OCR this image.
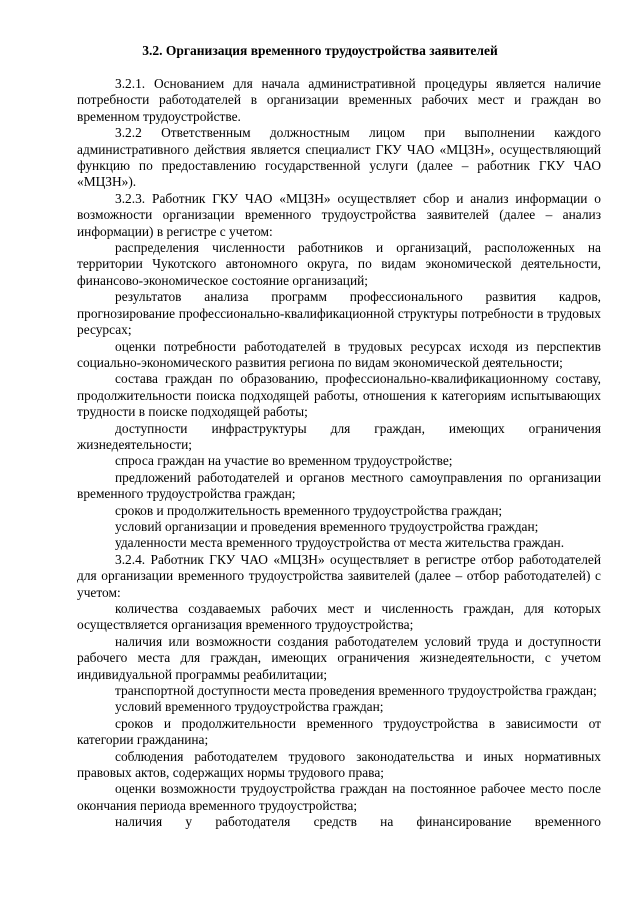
3.2. Организация временного трудоустройства заявителей

3.2.1. Основанием для начала административной процедуры является наличие потребности работодателей в организации временных рабочих мест и граждан во временном трудоустройстве.

3.2.2 Ответственным должностным лицом при выполнении каждого административного действия является специалист ГКУ ЧАО «МЦЗН», осуществляющий функцию по предоставлению государственной услуги (далее – работник ГКУ ЧАО «МЦЗН»).

3.2.3. Работник ГКУ ЧАО «МЦЗН» осуществляет сбор и анализ информации о возможности организации временного трудоустройства заявителей (далее – анализ информации) в регистре с учетом:

распределения численности работников и организаций, расположенных на территории Чукотского автономного округа, по видам экономической деятельности, финансово-экономическое состояние организаций;

результатов анализа программ профессионального развития кадров, прогнозирование профессионально-квалификационной структуры потребности в трудовых ресурсах;

оценки потребности работодателей в трудовых ресурсах исходя из перспектив социально-экономического развития региона по видам экономической деятельности;

состава граждан по образованию, профессионально-квалификационному составу, продолжительности поиска подходящей работы, отношения к категориям испытывающих трудности в поиске подходящей работы;

доступности инфраструктуры для граждан, имеющих ограничения жизнедеятельности;

спроса граждан на участие во временном трудоустройстве;

предложений работодателей и органов местного самоуправления по организации временного трудоустройства граждан;

сроков и продолжительность временного трудоустройства граждан;

условий организации и проведения временного трудоустройства граждан;

удаленности места временного трудоустройства от места жительства граждан.

3.2.4. Работник ГКУ ЧАО «МЦЗН» осуществляет в регистре отбор работодателей для организации временного трудоустройства заявителей (далее – отбор работодателей) с учетом:

количества создаваемых рабочих мест и численность граждан, для которых осуществляется организация временного трудоустройства;

наличия или возможности создания работодателем условий труда и доступности рабочего места для граждан, имеющих ограничения жизнедеятельности, с учетом индивидуальной программы реабилитации;

транспортной доступности места проведения временного трудоустройства граждан;

условий временного трудоустройства граждан;

сроков и продолжительности временного трудоустройства в зависимости от категории гражданина;

соблюдения работодателем трудового законодательства и иных нормативных правовых актов, содержащих нормы трудового права;

оценки возможности трудоустройства граждан на постоянное рабочее место после окончания периода временного трудоустройства;

наличия у работодателя средств на финансирование временного
